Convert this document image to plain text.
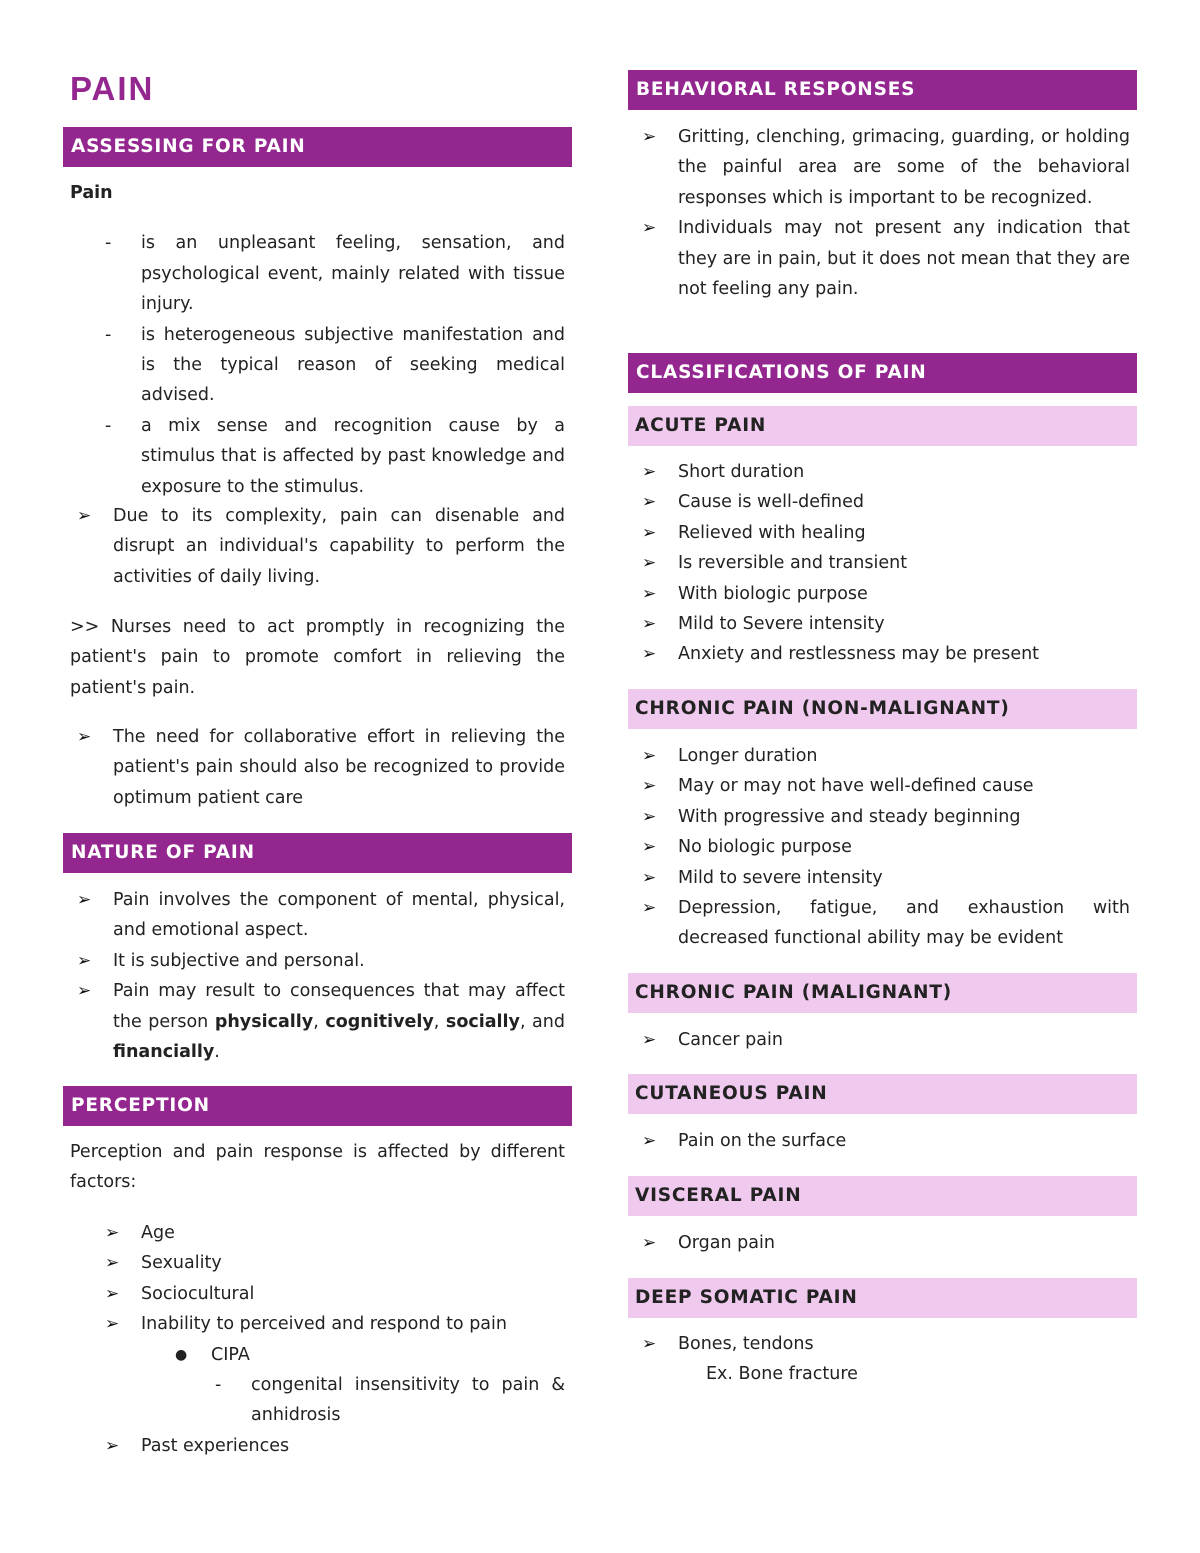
PAIN
ASSESSING FOR PAIN

Pain

- is an unpleasant feeling, sensation, and psychological event, mainly related with tissue injury.
- is heterogeneous subjective manifestation and is the typical reason of seeking medical advised.
- a mix sense and recognition cause by a stimulus that is affected by past knowledge and exposure to the stimulus.
➢ Due to its complexity, pain can disenable and disrupt an individual's capability to perform the activities of daily living.

>> Nurses need to act promptly in recognizing the patient's pain to promote comfort in relieving the patient's pain.

➢ The need for collaborative effort in relieving the patient's pain should also be recognized to provide optimum patient care
NATURE OF PAIN
➢ Pain involves the component of mental, physical, and emotional aspect.
➢ It is subjective and personal.
➢ Pain may result to consequences that may affect the person physically, cognitively, socially, and financially.
PERCEPTION

Perception and pain response is affected by different factors:

➢ Age
➢ Sexuality
➢ Sociocultural
➢ Inability to perceived and respond to pain
● CIPA
- congenital insensitivity to pain & anhidrosis
➢ Past experiences
BEHAVIORAL RESPONSES
➢ Gritting, clenching, grimacing, guarding, or holding the painful area are some of the behavioral responses which is important to be recognized.
➢ Individuals may not present any indication that they are in pain, but it does not mean that they are not feeling any pain.
CLASSIFICATIONS OF PAIN
ACUTE PAIN
➢ Short duration
➢ Cause is well-defined
➢ Relieved with healing
➢ Is reversible and transient
➢ With biologic purpose
➢ Mild to Severe intensity
➢ Anxiety and restlessness may be present
CHRONIC PAIN (NON-MALIGNANT)
➢ Longer duration
➢ May or may not have well-defined cause
➢ With progressive and steady beginning
➢ No biologic purpose
➢ Mild to severe intensity
➢ Depression, fatigue, and exhaustion with decreased functional ability may be evident
CHRONIC PAIN (MALIGNANT)
➢ Cancer pain
CUTANEOUS PAIN
➢ Pain on the surface
VISCERAL PAIN
➢ Organ pain
DEEP SOMATIC PAIN
➢ Bones, tendons
Ex. Bone fracture
